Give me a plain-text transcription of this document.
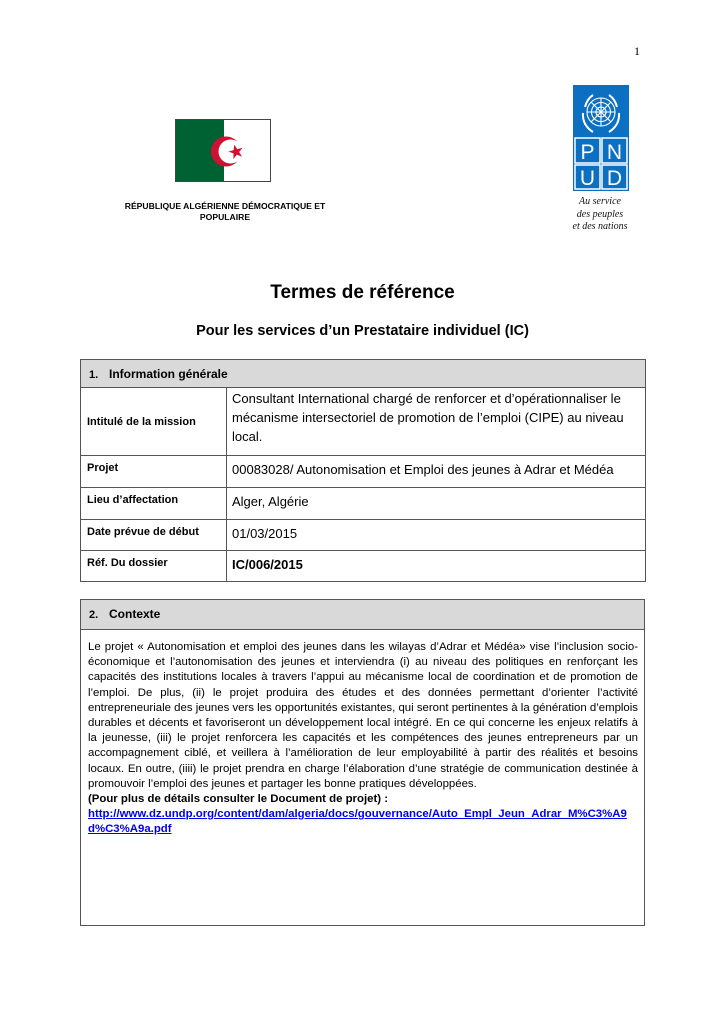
1
RÉPUBLIQUE ALGÉRIENNE DÉMOCRATIQUE ET
POPULAIRE
P N
U D
Au service
des peuples
et des nations
Termes de référence
Pour les services d’un Prestataire individuel (IC)
1. Information générale	
Intitulé de la mission	Consultant International chargé de renforcer et d’opérationnaliser le mécanisme intersectoriel de promotion de l’emploi (CIPE) au niveau local.
Projet	00083028/ Autonomisation et Emploi des jeunes à Adrar et Médéa
Lieu d’affectation	Alger, Algérie
Date prévue de début	01/03/2015
Réf. Du dossier	IC/006/2015
2. Contexte
Le projet « Autonomisation et emploi des jeunes dans les wilayas d’Adrar et Médéa» vise l’inclusion socio-économique et l’autonomisation des jeunes et interviendra (i) au niveau des politiques en renforçant les capacités des institutions locales à travers l’appui au mécanisme local de coordination et de promotion de l’emploi. De plus, (ii) le projet produira des études et des données permettant d’orienter l’activité entrepreneuriale des jeunes vers les opportunités existantes, qui seront pertinentes à la génération d’emplois durables et décents et favoriseront un développement local intégré. En ce qui concerne les enjeux relatifs à la jeunesse, (iii) le projet renforcera les capacités et les compétences des jeunes entrepreneurs par un accompagnement ciblé, et veillera à l’amélioration de leur employabilité à partir des réalités et besoins locaux. En outre, (iiii) le projet prendra en charge l’élaboration d’une stratégie de communication destinée à promouvoir l’emploi des jeunes et partager les bonne pratiques développées.
(Pour plus de détails consulter le Document de projet) :
http://www.dz.undp.org/content/dam/algeria/docs/gouvernance/Auto_Empl_Jeun_Adrar_M%C3%A9d%C3%A9a.pdf
